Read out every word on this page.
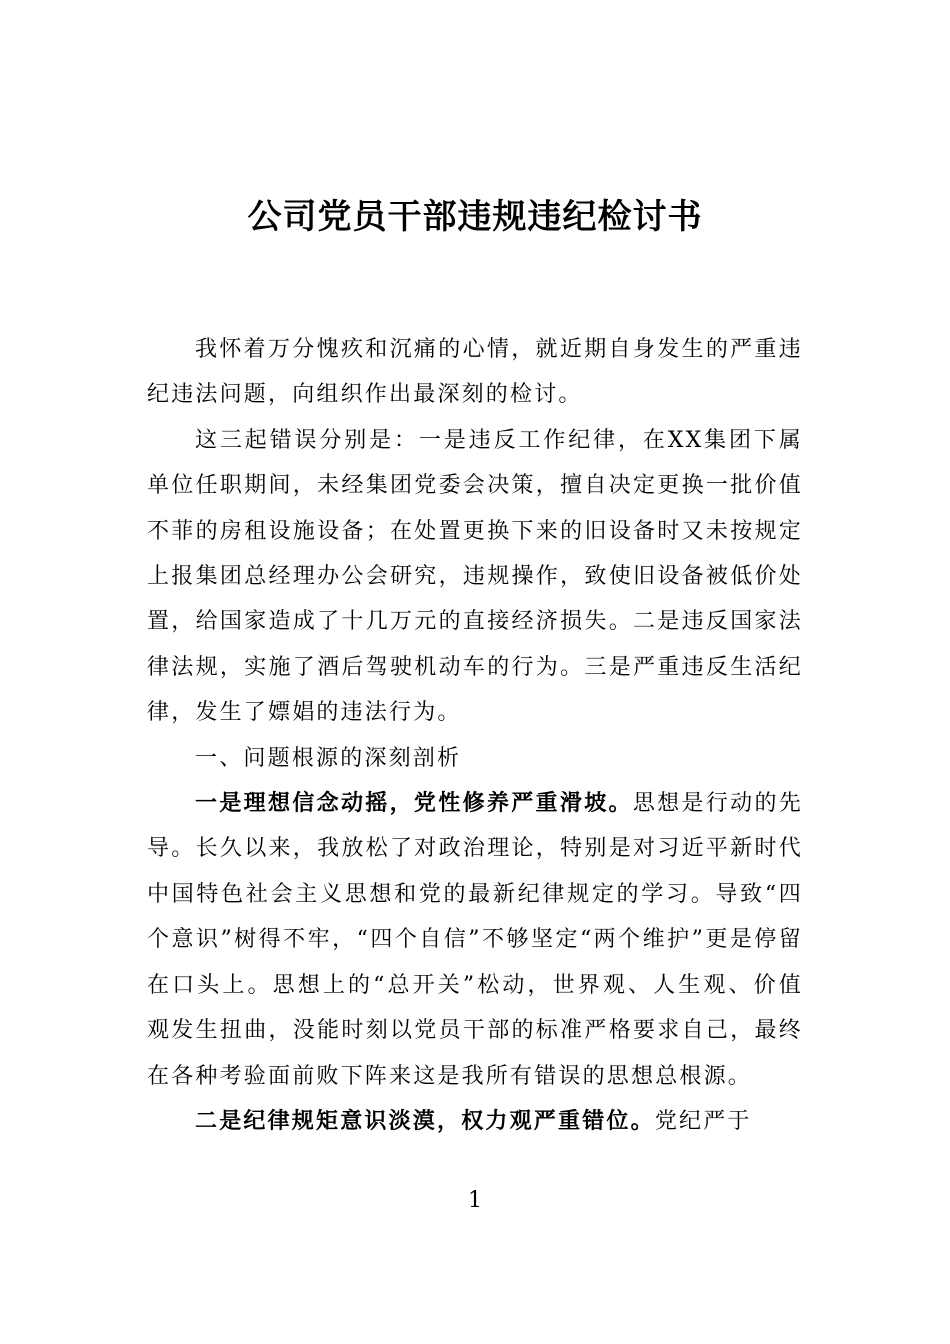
公司党员干部违规违纪检讨书

我怀着万分愧疚和沉痛的心情，就近期自身发生的严重违纪违法问题，向组织作出最深刻的检讨。

这三起错误分别是：一是违反工作纪律，在XX集团下属单位任职期间，未经集团党委会决策，擅自决定更换一批价值不菲的房租设施设备；在处置更换下来的旧设备时又未按规定上报集团总经理办公会研究，违规操作，致使旧设备被低价处置，给国家造成了十几万元的直接经济损失。二是违反国家法律法规，实施了酒后驾驶机动车的行为。三是严重违反生活纪律，发生了嫖娼的违法行为。

一、问题根源的深刻剖析

一是理想信念动摇，党性修养严重滑坡。思想是行动的先导。长久以来，我放松了对政治理论，特别是对习近平新时代中国特色社会主义思想和党的最新纪律规定的学习。导致“四个意识”树得不牢，“四个自信”不够坚定“两个维护”更是停留在口头上。思想上的“总开关”松动，世界观、人生观、价值观发生扭曲，没能时刻以党员干部的标准严格要求自己，最终在各种考验面前败下阵来这是我所有错误的思想总根源。

二是纪律规矩意识淡漠，权力观严重错位。党纪严于

1
